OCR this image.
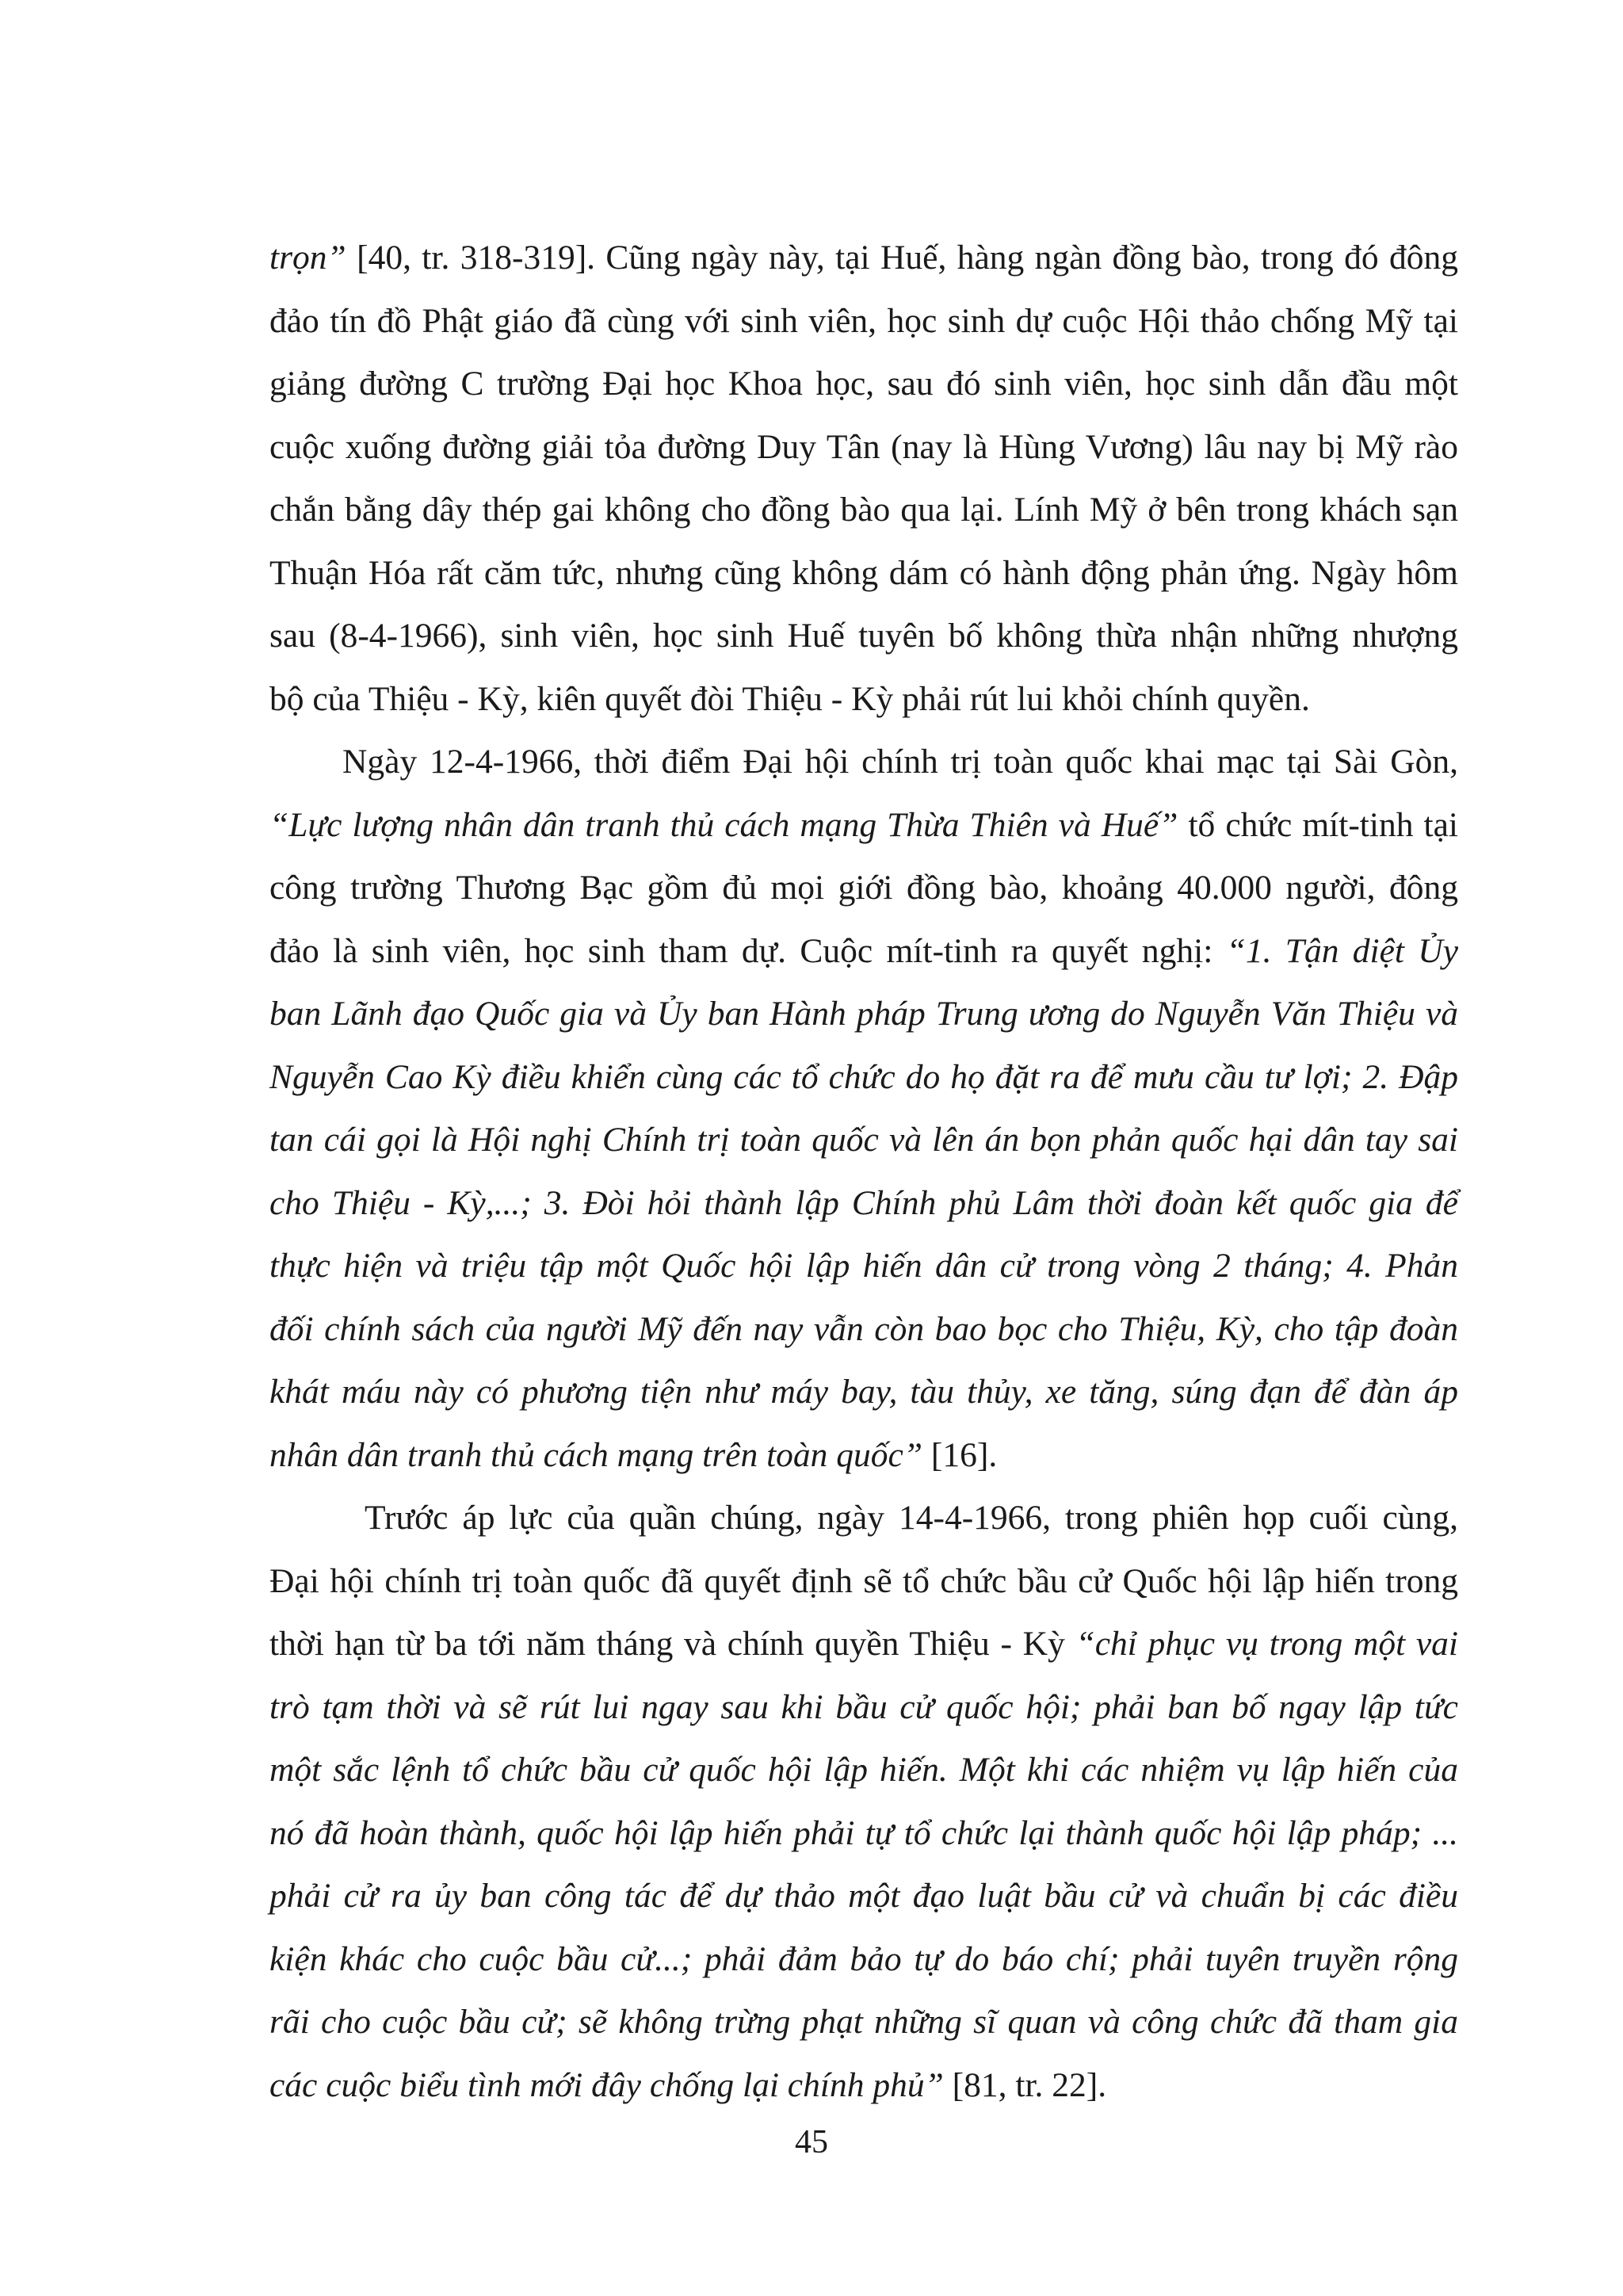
trọn” [40, tr. 318-319]. Cũng ngày này, tại Huế, hàng ngàn đồng bào, trong đó đông
đảo tín đồ Phật giáo đã cùng với sinh viên, học sinh dự cuộc Hội thảo chống Mỹ tại
giảng đường C trường Đại học Khoa học, sau đó sinh viên, học sinh dẫn đầu một
cuộc xuống đường giải tỏa đường Duy Tân (nay là Hùng Vương) lâu nay bị Mỹ rào
chắn bằng dây thép gai không cho đồng bào qua lại. Lính Mỹ ở bên trong khách sạn
Thuận Hóa rất căm tức, nhưng cũng không dám có hành động phản ứng. Ngày hôm
sau (8-4-1966), sinh viên, học sinh Huế tuyên bố không thừa nhận những nhượng
bộ của Thiệu - Kỳ, kiên quyết đòi Thiệu - Kỳ phải rút lui khỏi chính quyền.
Ngày 12-4-1966, thời điểm Đại hội chính trị toàn quốc khai mạc tại Sài Gòn,
“Lực lượng nhân dân tranh thủ cách mạng Thừa Thiên và Huế” tổ chức mít-tinh tại
công trường Thương Bạc gồm đủ mọi giới đồng bào, khoảng 40.000 người, đông
đảo là sinh viên, học sinh tham dự. Cuộc mít-tinh ra quyết nghị: “1. Tận diệt Ủy
ban Lãnh đạo Quốc gia và Ủy ban Hành pháp Trung ương do Nguyễn Văn Thiệu và
Nguyễn Cao Kỳ điều khiển cùng các tổ chức do họ đặt ra để mưu cầu tư lợi; 2. Đập
tan cái gọi là Hội nghị Chính trị toàn quốc và lên án bọn phản quốc hại dân tay sai
cho Thiệu - Kỳ,...; 3. Đòi hỏi thành lập Chính phủ Lâm thời đoàn kết quốc gia để
thực hiện và triệu tập một Quốc hội lập hiến dân cử trong vòng 2 tháng; 4. Phản
đối chính sách của người Mỹ đến nay vẫn còn bao bọc cho Thiệu, Kỳ, cho tập đoàn
khát máu này có phương tiện như máy bay, tàu thủy, xe tăng, súng đạn để đàn áp
nhân dân tranh thủ cách mạng trên toàn quốc” [16].
Trước áp lực của quần chúng, ngày 14-4-1966, trong phiên họp cuối cùng,
Đại hội chính trị toàn quốc đã quyết định sẽ tổ chức bầu cử Quốc hội lập hiến trong
thời hạn từ ba tới năm tháng và chính quyền Thiệu - Kỳ “chỉ phục vụ trong một vai
trò tạm thời và sẽ rút lui ngay sau khi bầu cử quốc hội; phải ban bố ngay lập tức
một sắc lệnh tổ chức bầu cử quốc hội lập hiến. Một khi các nhiệm vụ lập hiến của
nó đã hoàn thành, quốc hội lập hiến phải tự tổ chức lại thành quốc hội lập pháp; ...
phải cử ra ủy ban công tác để dự thảo một đạo luật bầu cử và chuẩn bị các điều
kiện khác cho cuộc bầu cử...; phải đảm bảo tự do báo chí; phải tuyên truyền rộng
rãi cho cuộc bầu cử; sẽ không trừng phạt những sĩ quan và công chức đã tham gia
các cuộc biểu tình mới đây chống lại chính phủ” [81, tr. 22].
45
